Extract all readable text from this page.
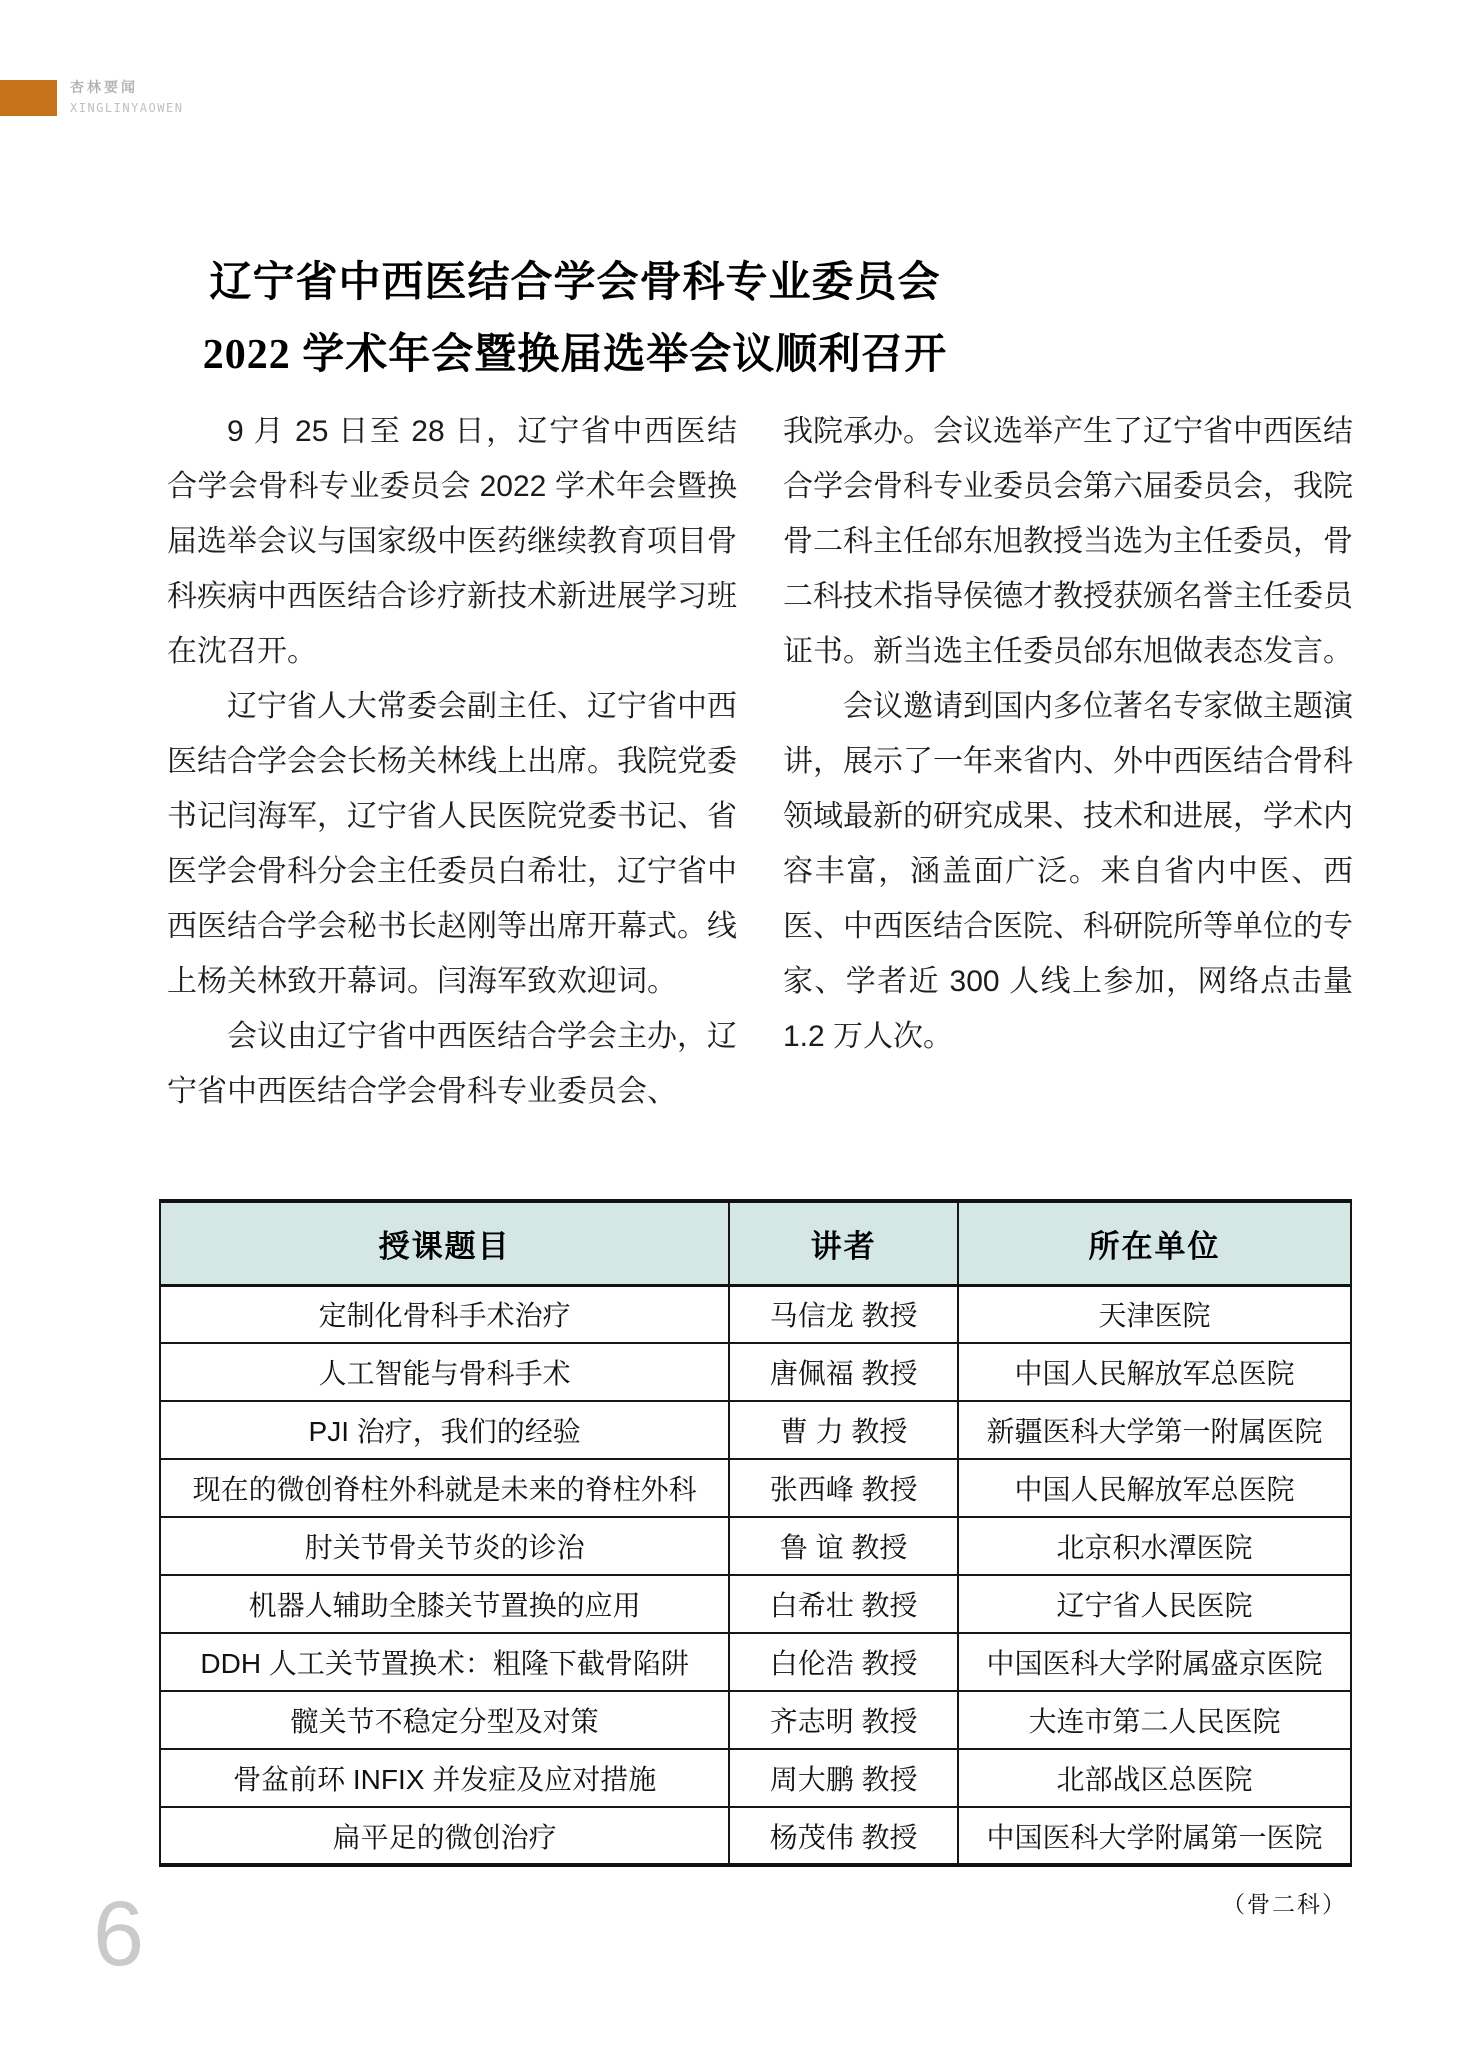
杏林要闻
XINGLINYAOWEN
辽宁省中西医结合学会骨科专业委员会
2022 学术年会暨换届选举会议顺利召开

9 月 25 日至 28 日，辽宁省中西医结合学会骨科专业委员会 2022 学术年会暨换届选举会议与国家级中医药继续教育项目骨科疾病中西医结合诊疗新技术新进展学习班在沈召开。

辽宁省人大常委会副主任、辽宁省中西医结合学会会长杨关林线上出席。我院党委书记闫海军，辽宁省人民医院党委书记、省医学会骨科分会主任委员白希壮，辽宁省中西医结合学会秘书长赵刚等出席开幕式。线上杨关林致开幕词。闫海军致欢迎词。

会议由辽宁省中西医结合学会主办，辽宁省中西医结合学会骨科专业委员会、

我院承办。会议选举产生了辽宁省中西医结合学会骨科专业委员会第六届委员会，我院骨二科主任邰东旭教授当选为主任委员，骨二科技术指导侯德才教授获颁名誉主任委员证书。新当选主任委员邰东旭做表态发言。

会议邀请到国内多位著名专家做主题演讲，展示了一年来省内、外中西医结合骨科领域最新的研究成果、技术和进展，学术内容丰富，涵盖面广泛。来自省内中医、西医、中西医结合医院、科研院所等单位的专家、学者近 300 人线上参加，网络点击量 1.2 万人次。

授课题目	讲者	所在单位
定制化骨科手术治疗	马信龙 教授	天津医院
人工智能与骨科手术	唐佩福 教授	中国人民解放军总医院
PJI 治疗，我们的经验	曹 力 教授	新疆医科大学第一附属医院
现在的微创脊柱外科就是未来的脊柱外科	张西峰 教授	中国人民解放军总医院
肘关节骨关节炎的诊治	鲁 谊 教授	北京积水潭医院
机器人辅助全膝关节置换的应用	白希壮 教授	辽宁省人民医院
DDH 人工关节置换术：粗隆下截骨陷阱	白伦浩 教授	中国医科大学附属盛京医院
髋关节不稳定分型及对策	齐志明 教授	大连市第二人民医院
骨盆前环 INFIX 并发症及应对措施	周大鹏 教授	北部战区总医院
扁平足的微创治疗	杨茂伟 教授	中国医科大学附属第一医院
（骨二科）
6
